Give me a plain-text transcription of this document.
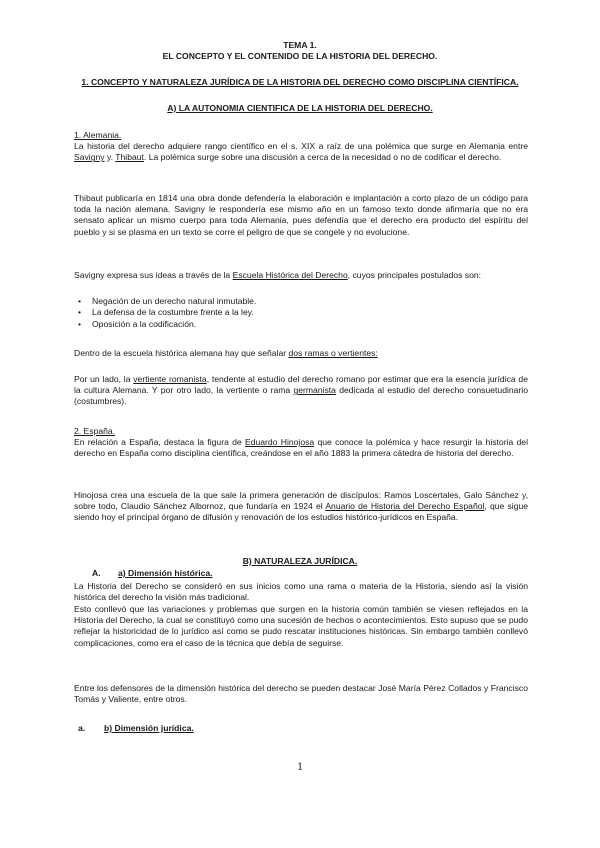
TEMA 1.

EL CONCEPTO Y EL CONTENIDO DE LA HISTORIA DEL DERECHO.

1. CONCEPTO Y NATURALEZA JURÍDICA DE LA HISTORIA DEL DERECHO COMO DISCIPLINA CIENTÍFICA.

A) LA AUTONOMIA CIENTIFICA DE LA HISTORIA DEL DERECHO.

1. Alemania.

La historia del derecho adquiere rango científico en el s. XIX a raíz de una polémica que surge en Alemania entre Savigny y. Thibaut. La polémica surge sobre una discusión a cerca de la necesidad o no de codificar el derecho.

Thibaut publicaría en 1814 una obra donde defendería la elaboración e implantación a corto plazo de un código para toda la nación alemana. Savigny le respondería ese mismo año en un famoso texto donde afirmaría que no era sensato aplicar un mismo cuerpo para toda Alemania, pues defendía que el derecho era producto del espíritu del pueblo y si se plasma en un texto se corre el peligro de que se congele y no evolucione.

Savigny expresa sus ideas a través de la Escuela Histórica del Derecho, cuyos principales postulados son:

• Negación de un derecho natural inmutable.
• La defensa de la costumbre frente a la ley.
• Oposición a la codificación.

Dentro de la escuela histórica alemana hay que señalar dos ramas o vertientes:

Por un lado, la vertiente romanista, tendente al estudio del derecho romano por estimar que era la esencia jurídica de la cultura Alemana. Y por otro lado, la vertiente o rama germanista dedicada al estudio del derecho consuetudinario (costumbres).

2. España.

En relación a España, destaca la figura de Eduardo Hinojosa que conoce la polémica y hace resurgir la historia del derecho en España como disciplina científica, creándose en el año 1883 la primera cátedra de historia del derecho.

Hinojosa crea una escuela de la que sale la primera generación de discípulos: Ramos Loscertales, Galo Sánchez y, sobre todo, Claudio Sánchez Albornoz, que fundaría en 1924 el Anuario de Historia del Derecho Español, que sigue siendo hoy el principal órgano de difusión y renovación de los estudios histórico-jurídicos en España.

B) NATURALEZA JURÍDICA.

A. a) Dimensión histórica.

La Historia del Derecho se consideró en sus inicios como una rama o materia de la Historia, siendo así la visión histórica del derecho la visión más tradicional.

Esto conllevó que las variaciones y problemas que surgen en la historia común también se viesen reflejados en la Historia del Derecho, la cual se constituyó como una sucesión de hechos o acontecimientos. Esto supuso que se pudo reflejar la historicidad de lo jurídico así como se pudo rescatar instituciones históricas. Sin embargo también conllevó complicaciones, como era el caso de la técnica que debía de seguirse.

Entre los defensores de la dimensión histórica del derecho se pueden destacar José María Pérez Collados y Francisco Tomás y Valiente, entre otros.

a. b) Dimensión jurídica.

1
